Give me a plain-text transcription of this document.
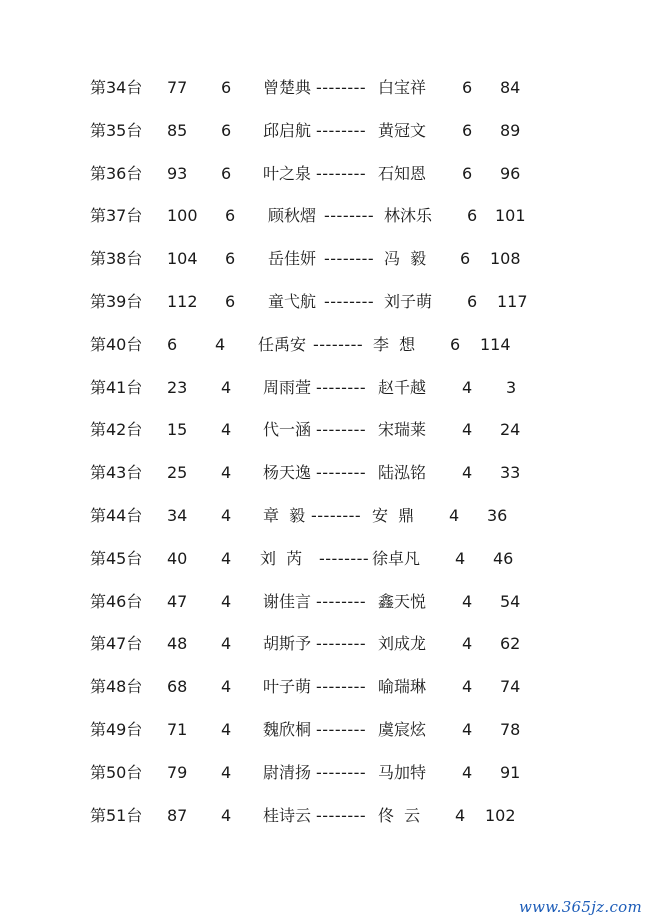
第34台 77 6 曾楚典 -------- 白宝祥 6 84
第35台 85 6 邱启航 -------- 黄冠文 6 89
第36台 93 6 叶之泉 -------- 石知恩 6 96
第37台 100 6 顾秋熠 -------- 林沐乐 6 101
第38台 104 6 岳佳妍 -------- 冯  毅 6 108
第39台 112 6 童弋航 -------- 刘子萌 6 117
第40台 6 4 任禹安 -------- 李  想 6 114
第41台 23 4 周雨萱 -------- 赵千越 4 3
第42台 15 4 代一涵 -------- 宋瑞莱 4 24
第43台 25 4 杨天逸 -------- 陆泓铭 4 33
第44台 34 4 章  毅 -------- 安  鼎 4 36
第45台 40 4 刘  芮 -------- 徐卓凡 4 46
第46台 47 4 谢佳言 -------- 鑫天悦 4 54
第47台 48 4 胡斯予 -------- 刘成龙 4 62
第48台 68 4 叶子萌 -------- 喻瑞琳 4 74
第49台 71 4 魏欣桐 -------- 虞宸炫 4 78
第50台 79 4 尉清扬 -------- 马加特 4 91
第51台 87 4 桂诗云 -------- 佟  云 4 102
www.365jz.com
